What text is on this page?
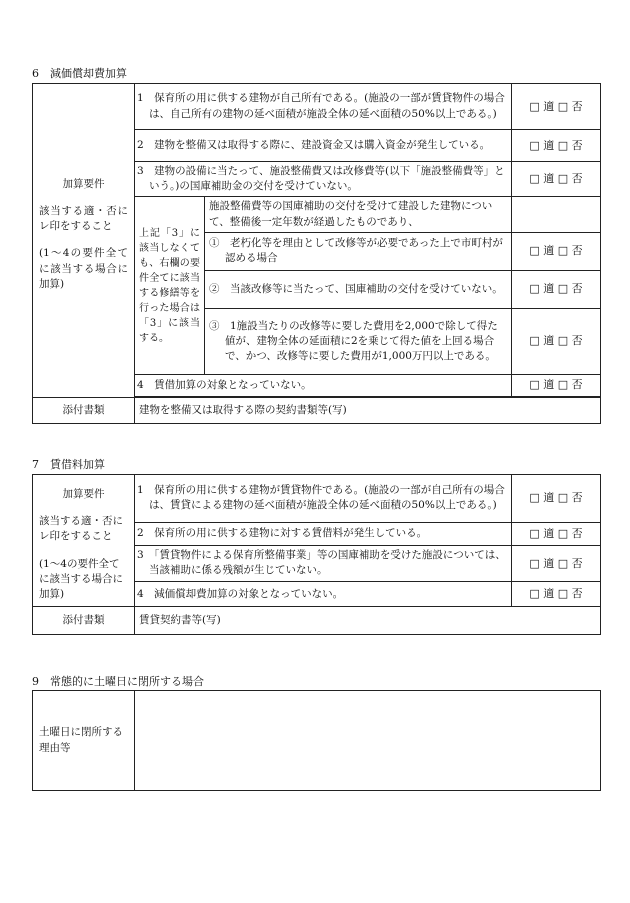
6　減価償却費加算

加算要件

該当する適・否にレ印をすること

(1～4の要件全てに該当する場合に加算)	1　保育所の用に供する建物が自己所有である。(施設の一部が賃貸物件の場合は、自己所有の建物の延べ面積が施設全体の延べ面積の50%以上である。)		□ 適 □ 否
	2　建物を整備又は取得する際に、建設資金又は購入資金が発生している。		□ 適 □ 否
	3　建物の設備に当たって、施設整備費又は改修費等(以下「施設整備費等」という。)の国庫補助金の交付を受けていない。		□ 適 □ 否
	上記「3」に該当しなくても、右欄の要件全てに該当する修繕等を行った場合は「3」に該当する。	施設整備費等の国庫補助の交付を受けて建設した建物について、整備後一定年数が経過したものであり、	
		①　老朽化等を理由として改修等が必要であった上で市町村が認める場合	□ 適 □ 否
		②　当該改修等に当たって、国庫補助の交付を受けていない。	□ 適 □ 否
		③　1施設当たりの改修等に要した費用を2,000で除して得た値が、建物全体の延面積に2を乗じて得た値を上回る場合で、かつ、改修等に要した費用が1,000万円以上である。	□ 適 □ 否
	4　賃借加算の対象となっていない。		□ 適 □ 否

添付書類	建物を整備又は取得する際の契約書類等(写)		
7　賃借料加算

加算要件

該当する適・否にレ印をすること

(1～4の要件全てに該当する場合に加算)	1　保育所の用に供する建物が賃貸物件である。(施設の一部が自己所有の場合は、賃貸による建物の延べ面積が施設全体の延べ面積の50%以上である。)	□ 適 □ 否
	2　保育所の用に供する建物に対する賃借料が発生している。	□ 適 □ 否
	3　「賃貸物件による保育所整備事業」等の国庫補助を受けた施設については、当該補助に係る残額が生じていない。	□ 適 □ 否
	4　減価償却費加算の対象となっていない。	□ 適 □ 否
添付書類	賃貸契約書等(写)	
9　常態的に土曜日に閉所する場合
土曜日に閉所する理由等	
